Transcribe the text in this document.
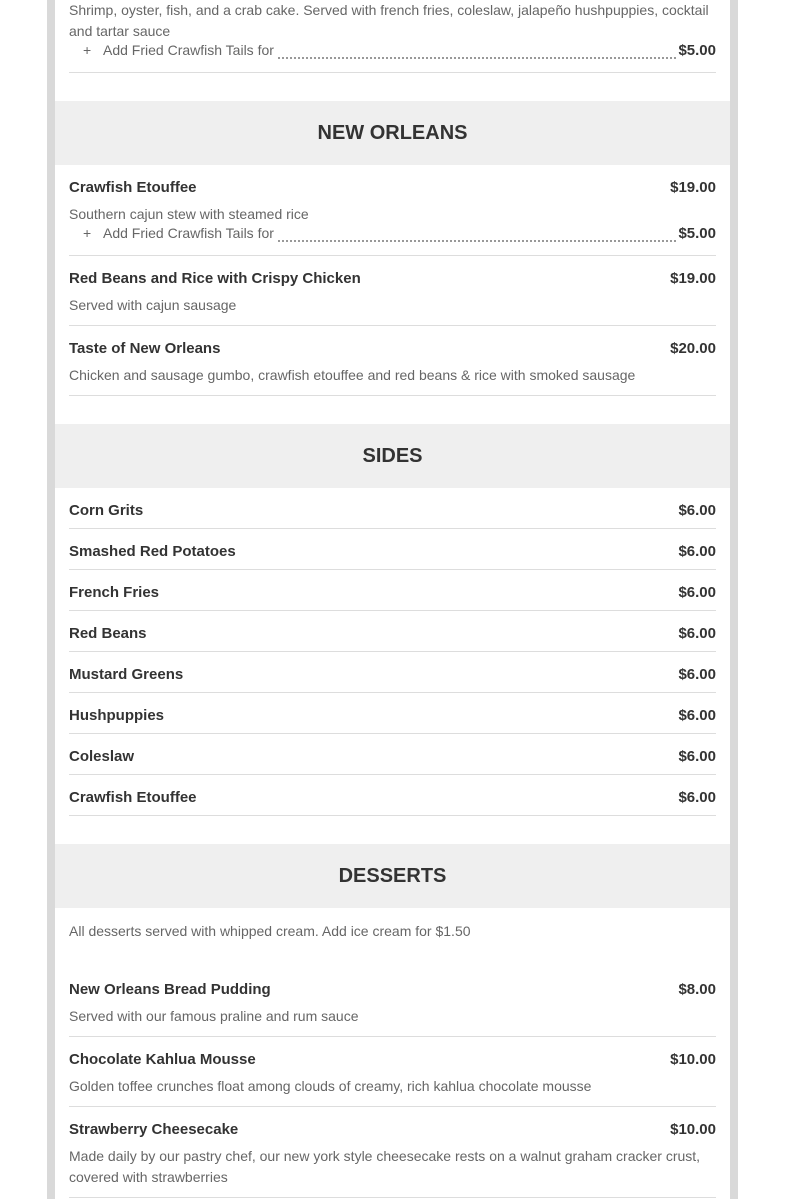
Shrimp, oyster, fish, and a crab cake. Served with french fries, coleslaw, jalapeño hushpuppies, cocktail and tartar sauce
+ Add Fried Crawfish Tails for	$5.00
NEW ORLEANS
Crawfish Etouffee	$19.00
Southern cajun stew with steamed rice
+ Add Fried Crawfish Tails for	$5.00
Red Beans and Rice with Crispy Chicken	$19.00
Served with cajun sausage
Taste of New Orleans	$20.00
Chicken and sausage gumbo, crawfish etouffee and red beans & rice with smoked sausage
SIDES
Corn Grits	$6.00
Smashed Red Potatoes	$6.00
French Fries	$6.00
Red Beans	$6.00
Mustard Greens	$6.00
Hushpuppies	$6.00
Coleslaw	$6.00
Crawfish Etouffee	$6.00
DESSERTS
All desserts served with whipped cream. Add ice cream for $1.50
New Orleans Bread Pudding	$8.00
Served with our famous praline and rum sauce
Chocolate Kahlua Mousse	$10.00
Golden toffee crunches float among clouds of creamy, rich kahlua chocolate mousse
Strawberry Cheesecake	$10.00
Made daily by our pastry chef, our new york style cheesecake rests on a walnut graham cracker crust, covered with strawberries
